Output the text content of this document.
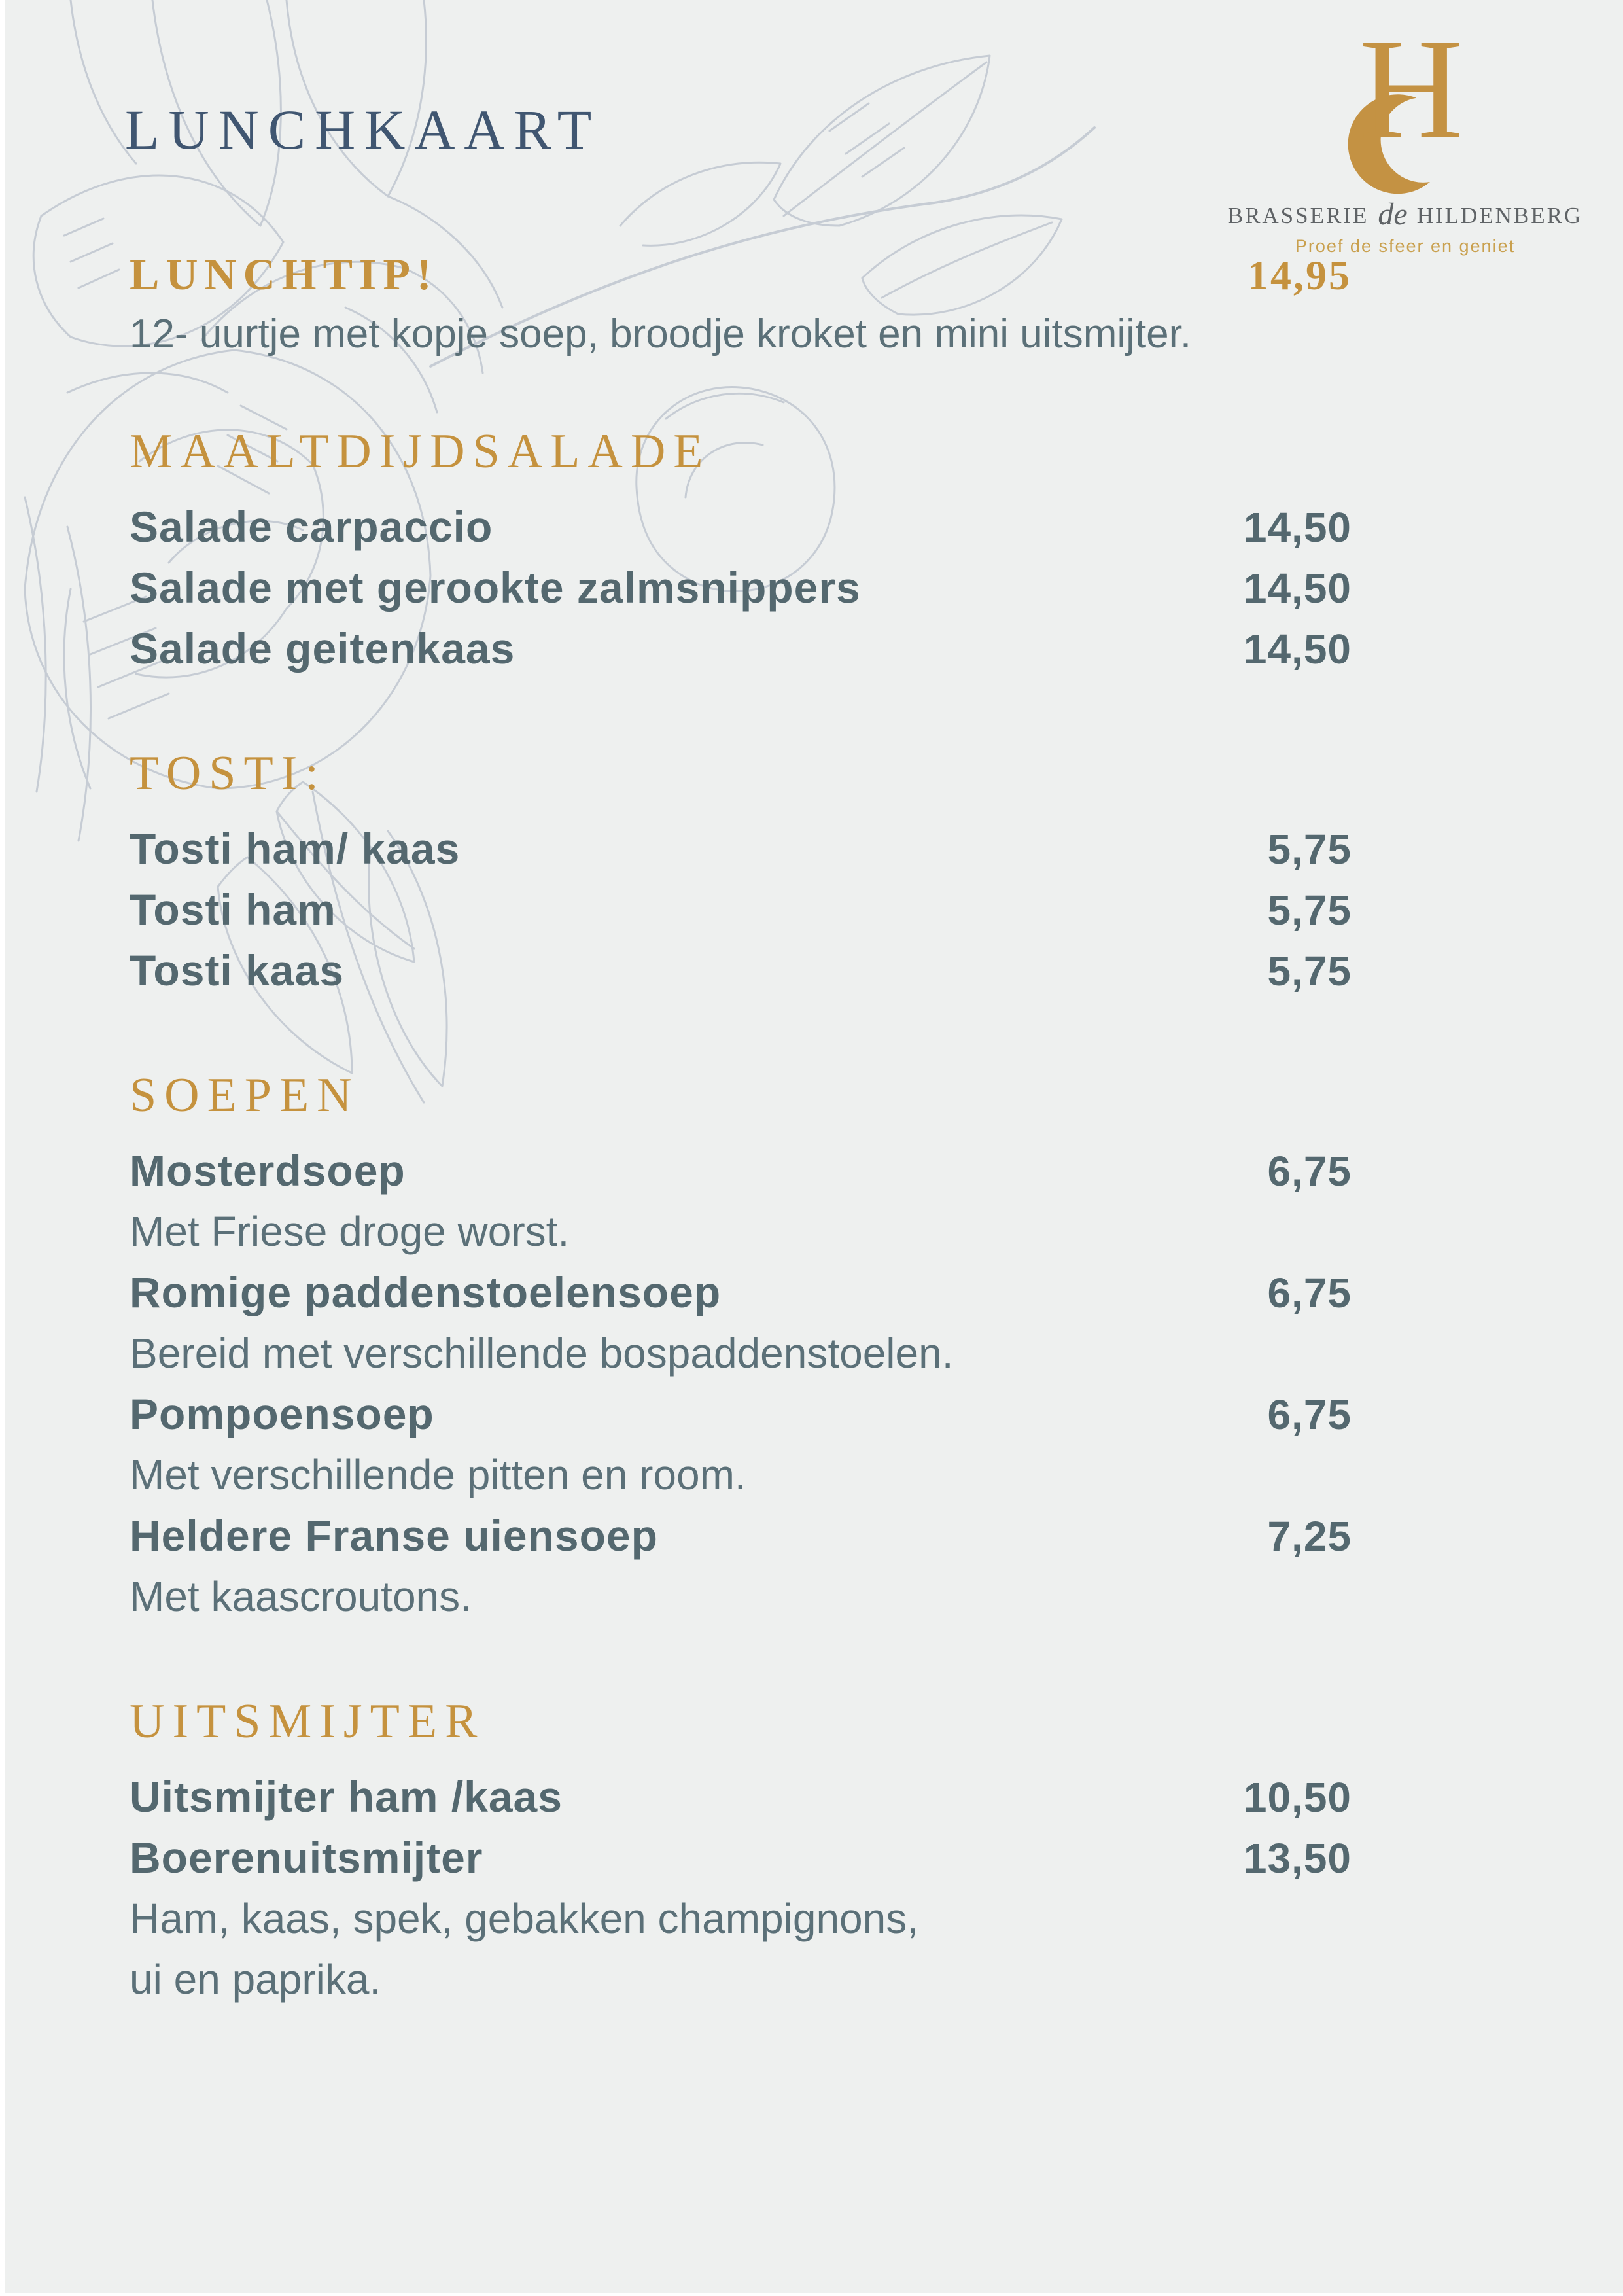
LUNCHKAART	H
BRASSERIE de HILDENBERG
Proef de sfeer en geniet
LUNCHTIP!	14,95
12- uurtje met kopje soep, broodje kroket en mini uitsmijter.
MAALTDIJDSALADE
Salade carpaccio	14,50
Salade met gerookte zalmsnippers	14,50
Salade geitenkaas	14,50
TOSTI:
Tosti ham/ kaas	5,75
Tosti ham	5,75
Tosti kaas	5,75
SOEPEN
Mosterdsoep	6,75
Met Friese droge worst.
Romige paddenstoelensoep	6,75
Bereid met verschillende bospaddenstoelen.
Pompoensoep	6,75
Met verschillende pitten en room.
Heldere Franse uiensoep	7,25
Met kaascroutons.
UITSMIJTER
Uitsmijter ham /kaas	10,50
Boerenuitsmijter	13,50
Ham, kaas, spek, gebakken champignons,
ui en paprika.
